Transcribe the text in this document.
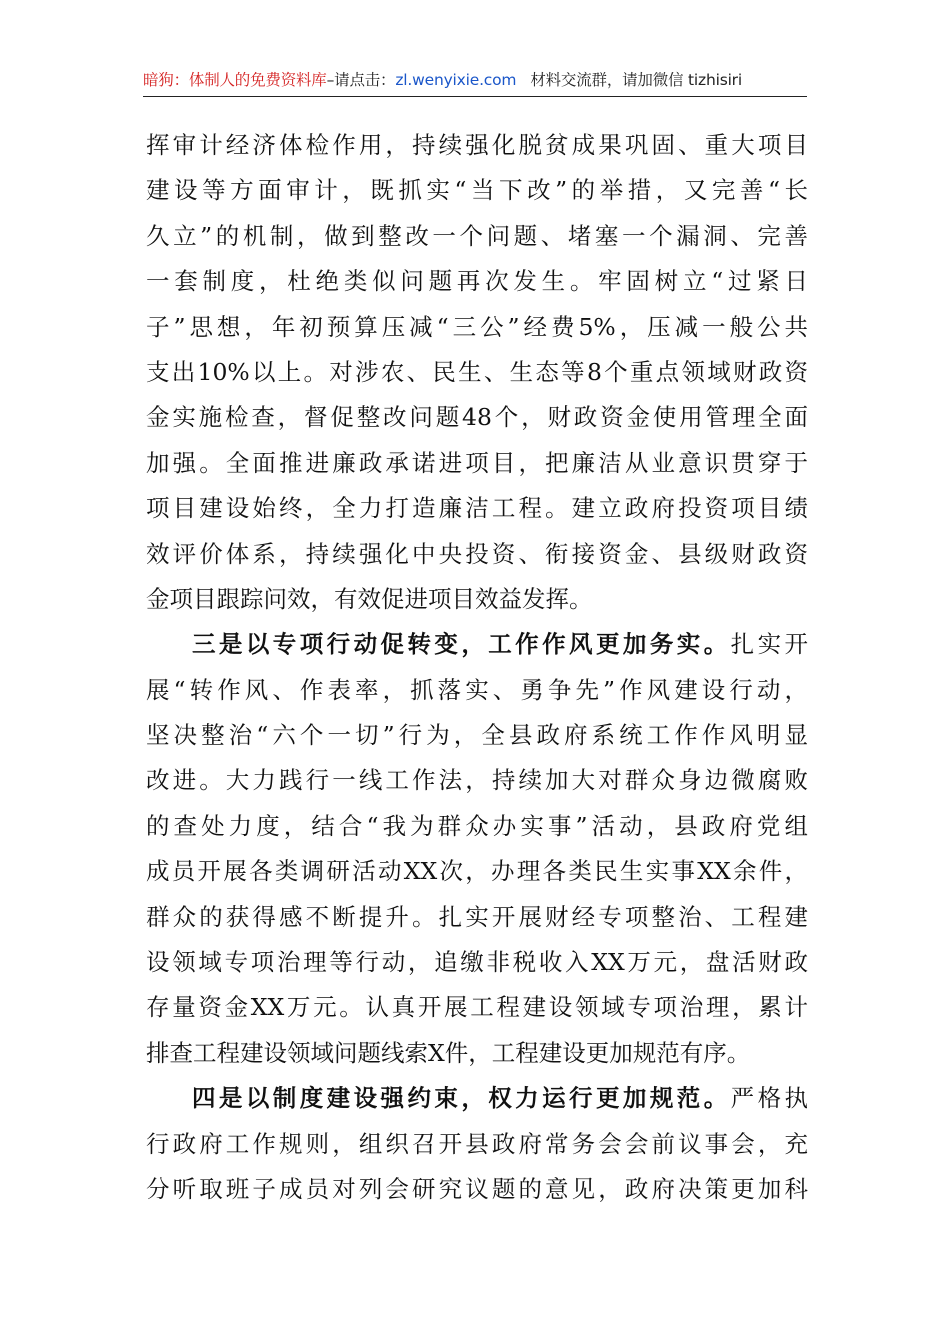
暗狗：体制人的免费资料库–请点击：zl.wenyixie.com 材料交流群，请加微信 tizhisiri
挥审计经济体检作用，持续强化脱贫成果巩固、重大项目
建设等方面审计，既抓实“当下改”的举措，又完善“长
久立”的机制，做到整改一个问题、堵塞一个漏洞、完善
一套制度，杜绝类似问题再次发生。牢固树立“过紧日
子”思想，年初预算压减“三公”经费5%，压减一般公共
支出10%以上。对涉农、民生、生态等8个重点领域财政资
金实施检查，督促整改问题48个，财政资金使用管理全面
加强。全面推进廉政承诺进项目，把廉洁从业意识贯穿于
项目建设始终，全力打造廉洁工程。建立政府投资项目绩
效评价体系，持续强化中央投资、衔接资金、县级财政资
金项目跟踪问效，有效促进项目效益发挥。
三是以专项行动促转变，工作作风更加务实。扎实开
展“转作风、作表率，抓落实、勇争先”作风建设行动，
坚决整治“六个一切”行为，全县政府系统工作作风明显
改进。大力践行一线工作法，持续加大对群众身边微腐败
的查处力度，结合“我为群众办实事”活动，县政府党组
成员开展各类调研活动XX次，办理各类民生实事XX余件，
群众的获得感不断提升。扎实开展财经专项整治、工程建
设领域专项治理等行动，追缴非税收入XX万元，盘活财政
存量资金XX万元。认真开展工程建设领域专项治理，累计
排查工程建设领域问题线索X件，工程建设更加规范有序。
四是以制度建设强约束，权力运行更加规范。严格执
行政府工作规则，组织召开县政府常务会会前议事会，充
分听取班子成员对列会研究议题的意见，政府决策更加科
